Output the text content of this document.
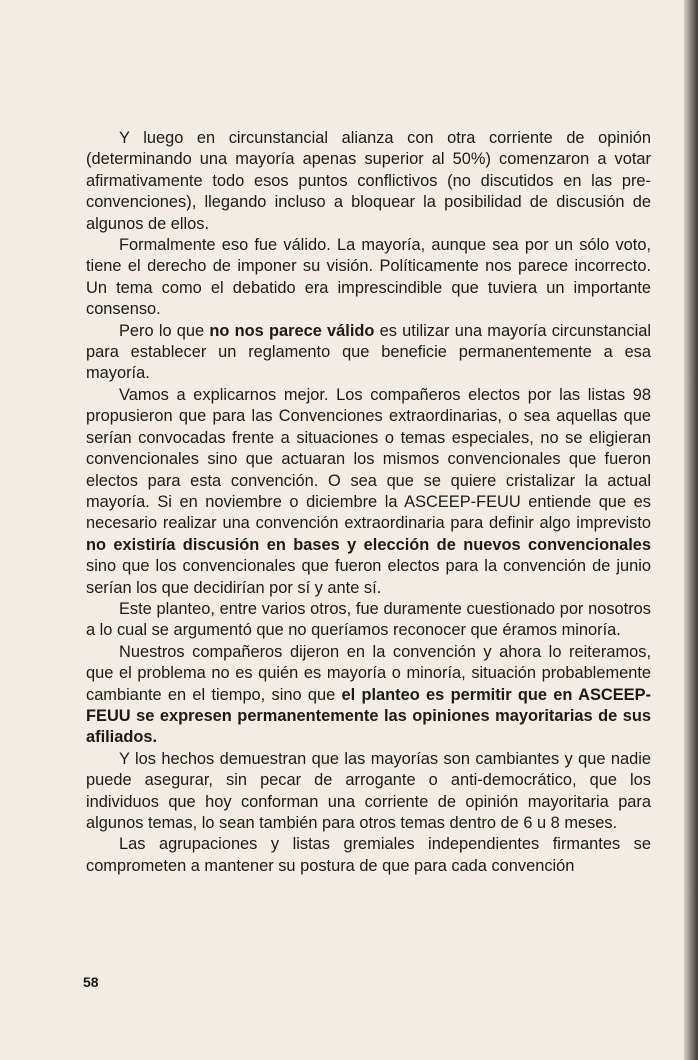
Y luego en circunstancial alianza con otra corriente de opinión (determinando una mayoría apenas superior al 50%) comenzaron a votar afirmativamente todo esos puntos conflictivos (no discutidos en las pre-convenciones), llegando incluso a bloquear la posibilidad de discusión de algunos de ellos.

Formalmente eso fue válido. La mayoría, aunque sea por un sólo voto, tiene el derecho de imponer su visión. Políticamente nos parece incorrecto. Un tema como el debatido era imprescindible que tuviera un importante consenso.

Pero lo que no nos parece válido es utilizar una mayoría circunstancial para establecer un reglamento que beneficie permanentemente a esa mayoría.

Vamos a explicarnos mejor. Los compañeros electos por las listas 98 propusieron que para las Convenciones extraordinarias, o sea aquellas que serían convocadas frente a situaciones o temas especiales, no se eligieran convencionales sino que actuaran los mismos convencionales que fueron electos para esta convención. O sea que se quiere cristalizar la actual mayoría. Si en noviembre o diciembre la ASCEEP-FEUU entiende que es necesario realizar una convención extraordinaria para definir algo imprevisto no existiría discusión en bases y elección de nuevos convencionales sino que los convencionales que fueron electos para la convención de junio serían los que decidirían por sí y ante sí.

Este planteo, entre varios otros, fue duramente cuestionado por nosotros a lo cual se argumentó que no queríamos reconocer que éramos minoría.

Nuestros compañeros dijeron en la convención y ahora lo reiteramos, que el problema no es quién es mayoría o minoría, situación probablemente cambiante en el tiempo, sino que el planteo es permitir que en ASCEEP-FEUU se expresen permanentemente las opiniones mayoritarias de sus afiliados.

Y los hechos demuestran que las mayorías son cambiantes y que nadie puede asegurar, sin pecar de arrogante o anti-democrático, que los individuos que hoy conforman una corriente de opinión mayoritaria para algunos temas, lo sean también para otros temas dentro de 6 u 8 meses.

Las agrupaciones y listas gremiales independientes firmantes se comprometen a mantener su postura de que para cada convención

58
